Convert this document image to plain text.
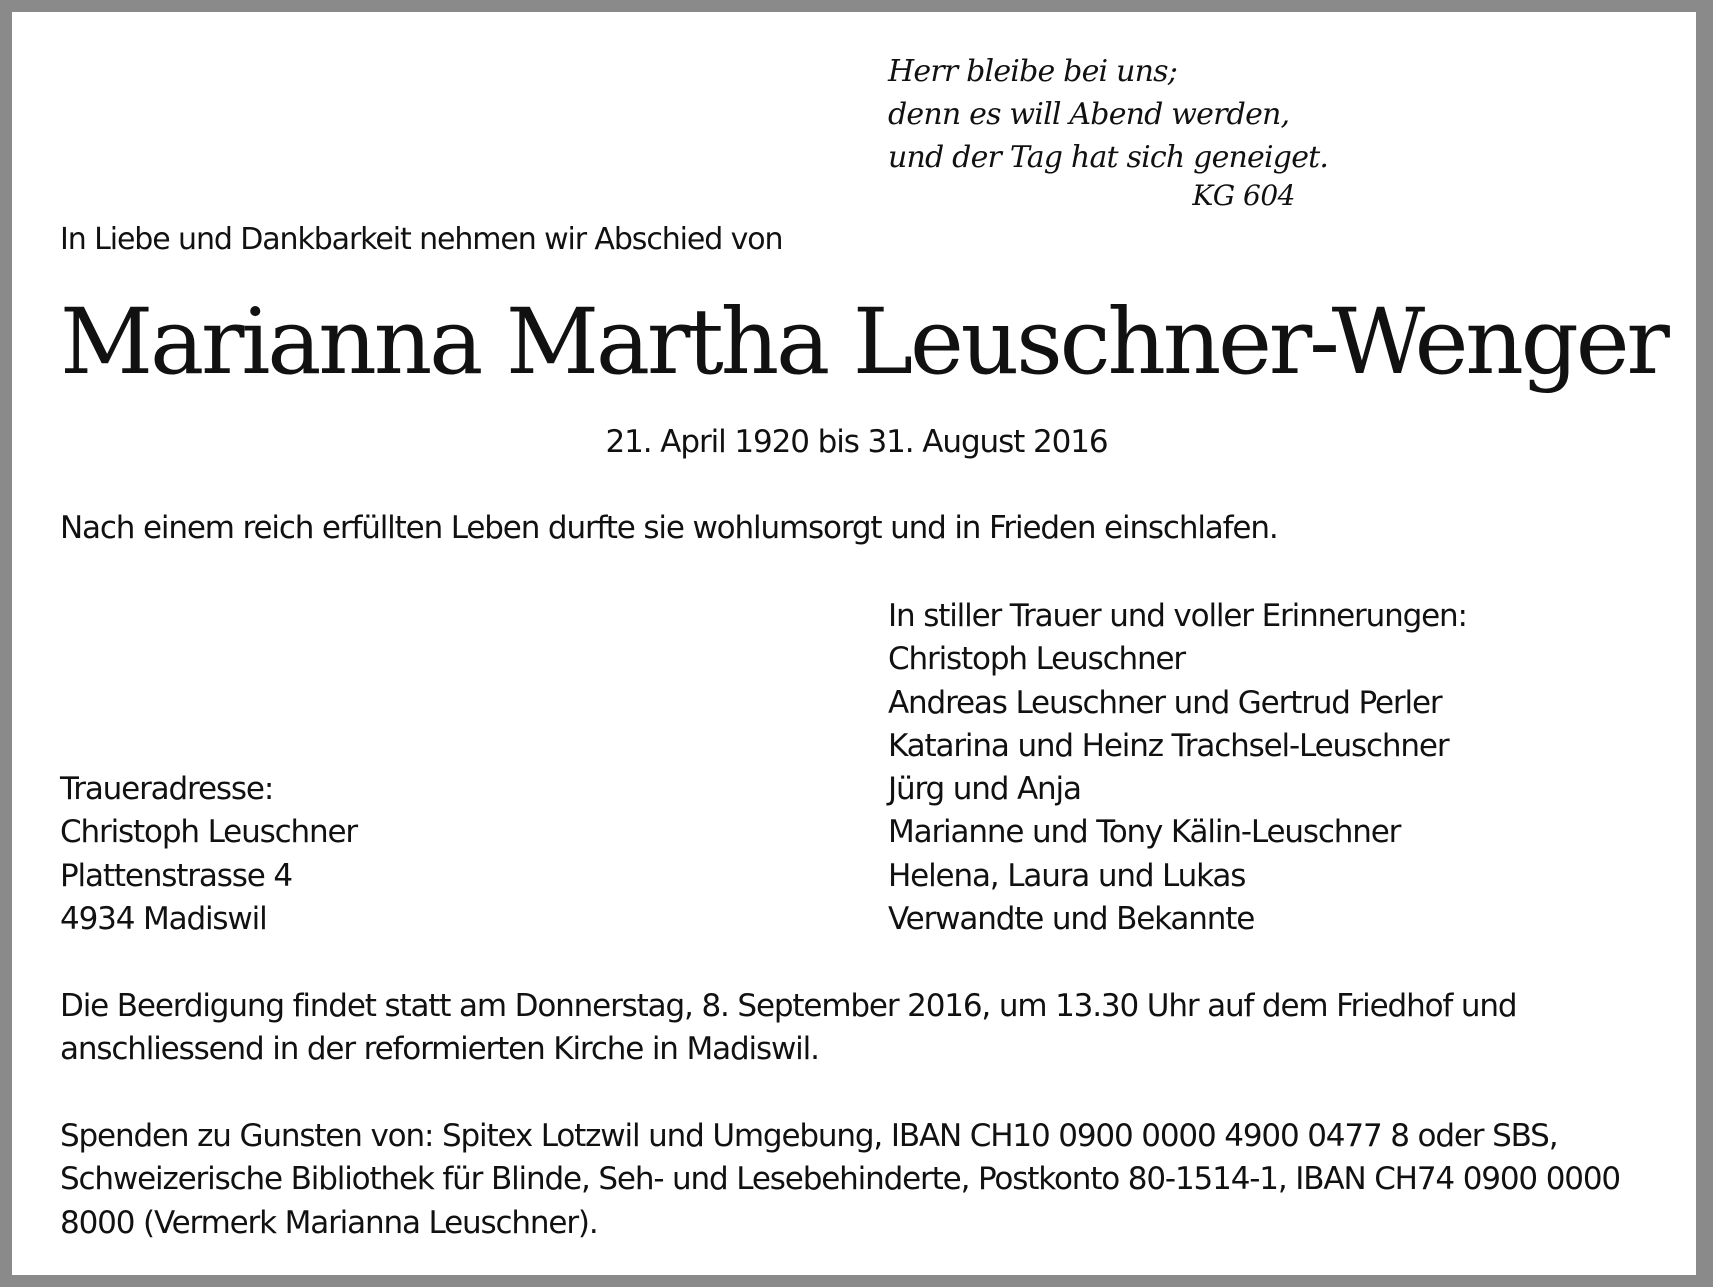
Herr bleibe bei uns;
denn es will Abend werden,
und der Tag hat sich geneiget.
KG 604
In Liebe und Dankbarkeit nehmen wir Abschied von
Marianna Martha Leuschner-Wenger
21. April 1920 bis 31. August 2016
Nach einem reich erfüllten Leben durfte sie wohlumsorgt und in Frieden einschlafen.
In stiller Trauer und voller Erinnerungen:
Christoph Leuschner
Andreas Leuschner und Gertrud Perler
Katarina und Heinz Trachsel-Leuschner
Jürg und Anja
Marianne und Tony Kälin-Leuschner
Helena, Laura und Lukas
Verwandte und Bekannte
Traueradresse:
Christoph Leuschner
Plattenstrasse 4
4934 Madiswil
Die Beerdigung findet statt am Donnerstag, 8. September 2016, um 13.30 Uhr auf dem Friedhof und
anschliessend in der reformierten Kirche in Madiswil.
Spenden zu Gunsten von: Spitex Lotzwil und Umgebung, IBAN CH10 0900 0000 4900 0477 8 oder SBS,
Schweizerische Bibliothek für Blinde, Seh- und Lesebehinderte, Postkonto 80-1514-1, IBAN CH74 0900 0000
8000 (Vermerk Marianna Leuschner).
